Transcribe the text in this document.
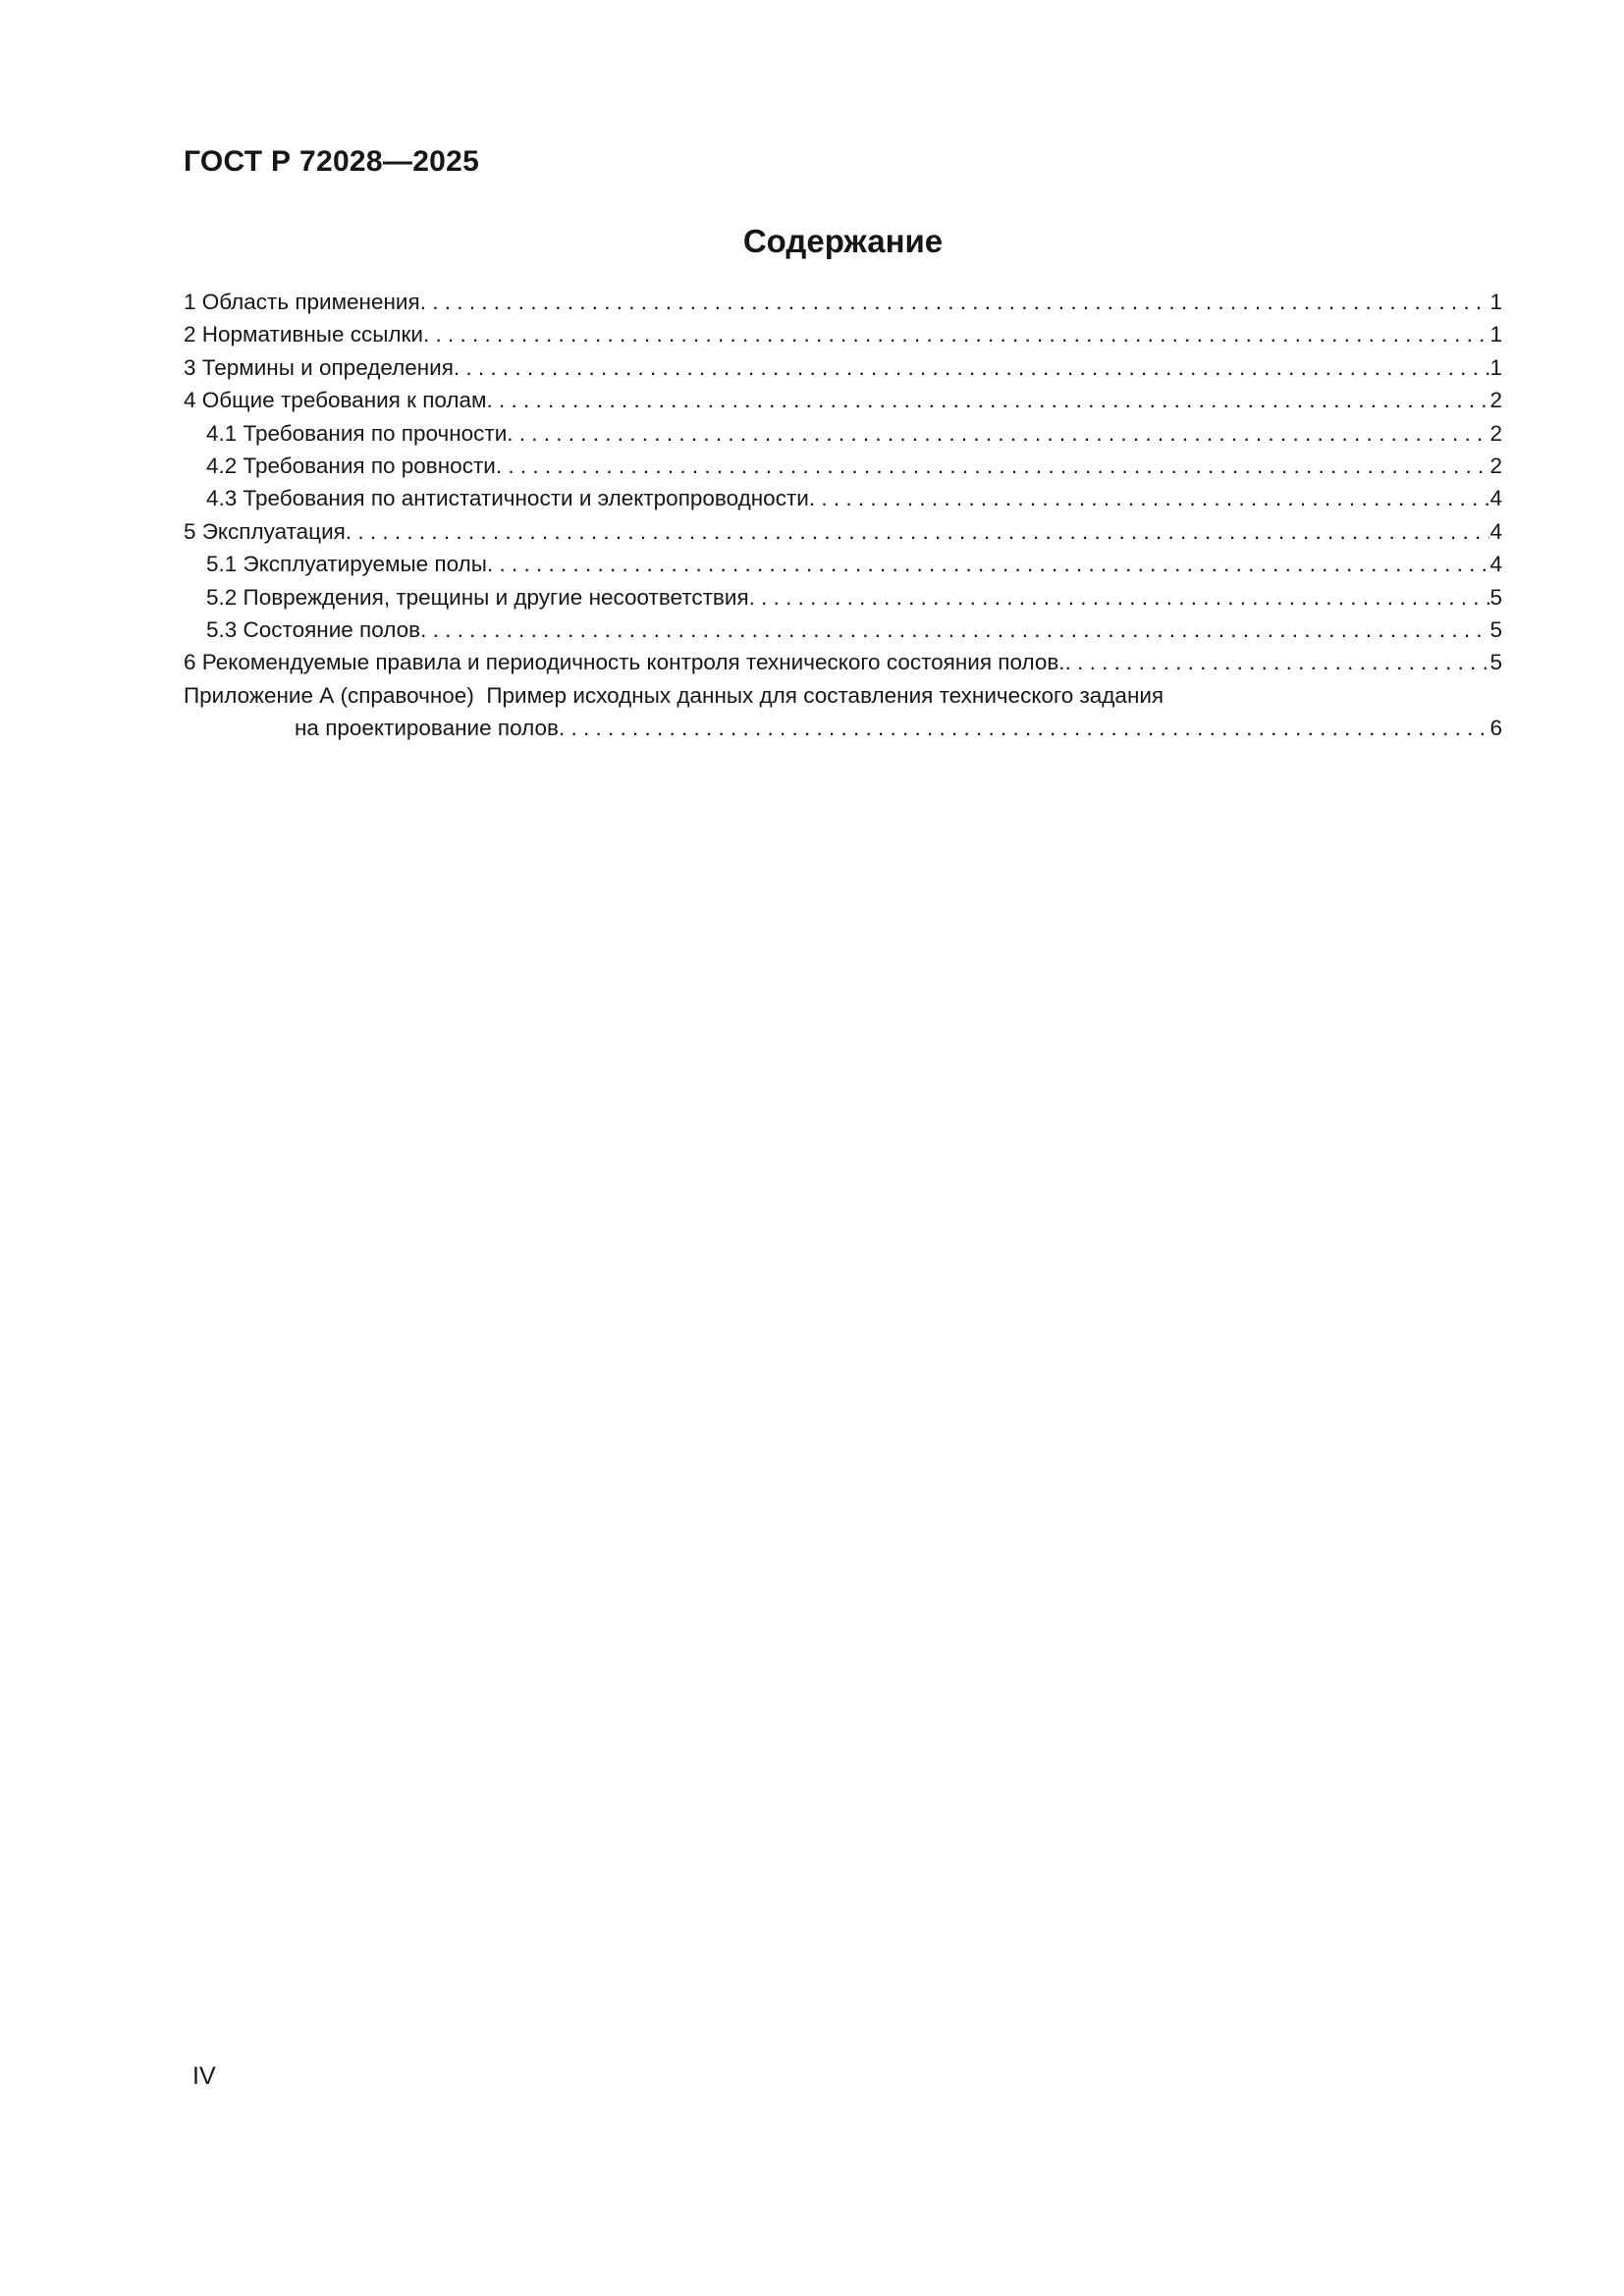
ГОСТ Р 72028—2025
Содержание
1 Область применения . . .	1
2 Нормативные ссылки . . .	1
3 Термины и определения . . .	1
4 Общие требования к полам . . .	2
4.1 Требования по прочности . . .	2
4.2 Требования по ровности . . .	2
4.3 Требования по антистатичности и электропроводности . . .	4
5 Эксплуатация . . .	4
5.1 Эксплуатируемые полы . . .	4
5.2 Повреждения, трещины и другие несоответствия . . .	5
5.3 Состояние полов . . .	5
6 Рекомендуемые правила и периодичность контроля технического состояния полов. . . .	5
Приложение А (справочное)  Пример исходных данных для составления технического задания
на проектирование полов . . .	6
IV
